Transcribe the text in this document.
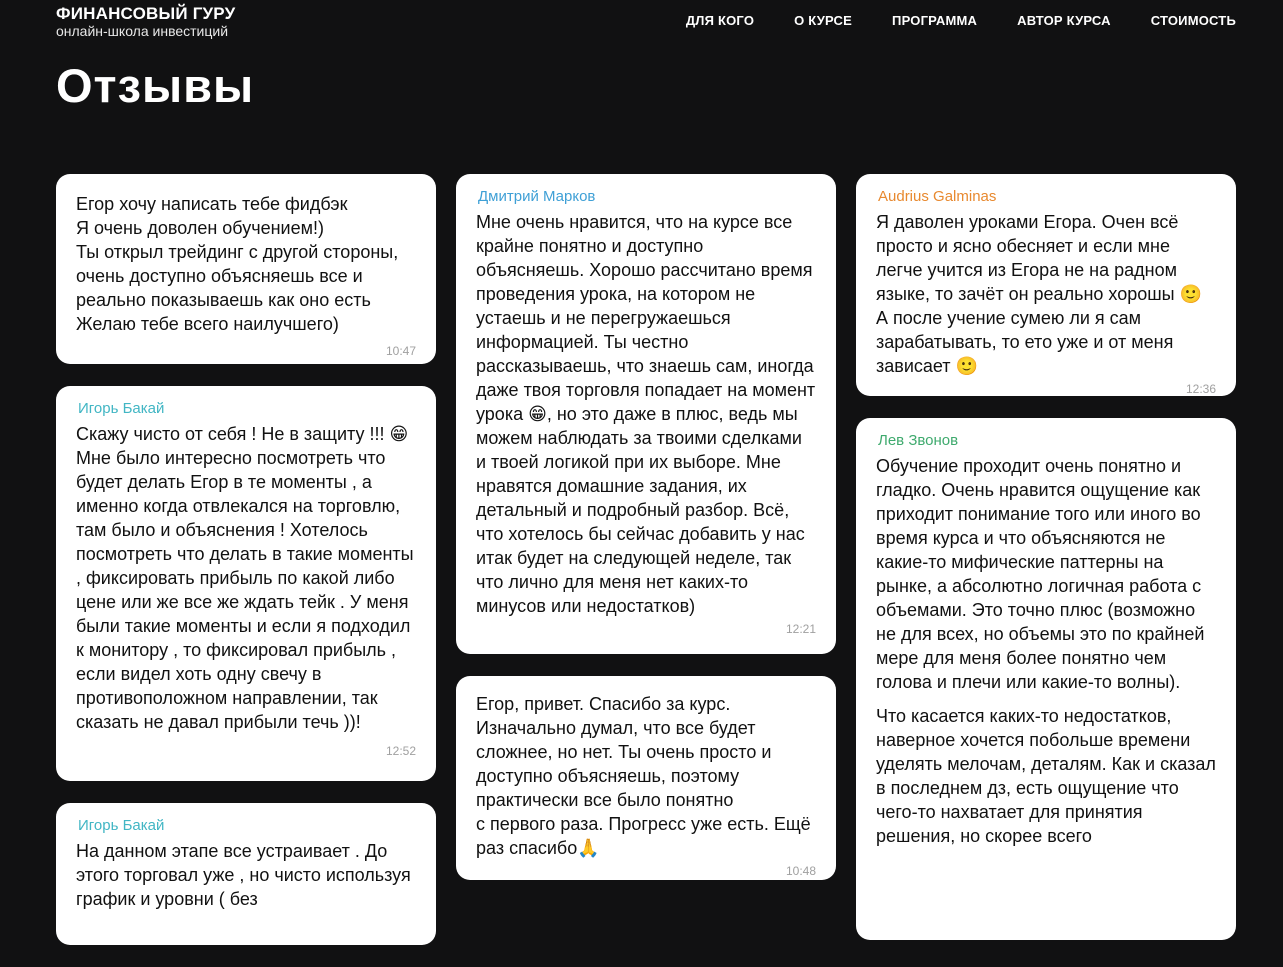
ФИНАНСОВЫЙ ГУРУ
онлайн-школа инвестиций
ДЛЯ КОГО	О КУРСЕ	ПРОГРАММА	АВТОР КУРСА	СТОИМОСТЬ
Отзывы
Егор хочу написать тебе фидбэк
Я очень доволен обучением!)
Ты открыл трейдинг с другой стороны, очень доступно объясняешь все и реально показываешь как оно есть
Желаю тебе всего наилучшего)
10:47
Игорь Бакай
Скажу чисто от себя ! Не в защиту !!! 😁 Мне было интересно посмотреть что будет делать Егор в те моменты , а именно когда отвлекался на торговлю, там было и объяснения ! Хотелось посмотреть что делать в такие моменты , фиксировать прибыль по какой либо цене или же все же ждать тейк . У меня были такие моменты и если я подходил к монитору , то фиксировал прибыль , если видел хоть одну свечу в противоположном направлении, так сказать не давал прибыли течь ))!
12:52
Игорь Бакай
На данном этапе все устраивает . До этого торговал уже , но чисто используя график и уровни ( без
Дмитрий Марков
Мне очень нравится, что на курсе все крайне понятно и доступно объясняешь. Хорошо рассчитано время проведения урока, на котором не устаешь и не перегружаешься информацией. Ты честно рассказываешь, что знаешь сам, иногда даже твоя торговля попадает на момент урока 😁, но это даже в плюс, ведь мы можем наблюдать за твоими сделками и твоей логикой при их выборе. Мне нравятся домашние задания, их детальный и подробный разбор. Всё, что хотелось бы сейчас добавить у нас итак будет на следующей неделе, так что лично для меня нет каких-то минусов или недостатков)
12:21
Егор, привет. Спасибо за курс. Изначально думал, что все будет сложнее, но нет. Ты очень просто и доступно объясняешь, поэтому практически все было понятно
с первого раза. Прогресс уже есть. Ещё раз спасибо🙏
10:48
Audrius Galminas
Я даволен уроками Егора. Очен всё просто и ясно обесняет и если мне легче учится из Егора не на радном языке, то зачёт он реально хорошы 🙂 А после учение сумею ли я сам зарабатывать, то ето уже и от меня зависает 🙂
12:36
Лев Звонов

Обучение проходит очень понятно и гладко. Очень нравится ощущение как приходит понимание того или иного во время курса и что объясняются не какие-то мифические паттерны на рынке, а абсолютно логичная работа с объемами. Это точно плюс (возможно не для всех, но объемы это по крайней мере для меня более понятно чем голова и плечи или какие-то волны).

Что касается каких-то недостатков, наверное хочется побольше времени уделять мелочам, деталям. Как и сказал в последнем дз, есть ощущение что чего-то нахватает для принятия решения, но скорее всего
